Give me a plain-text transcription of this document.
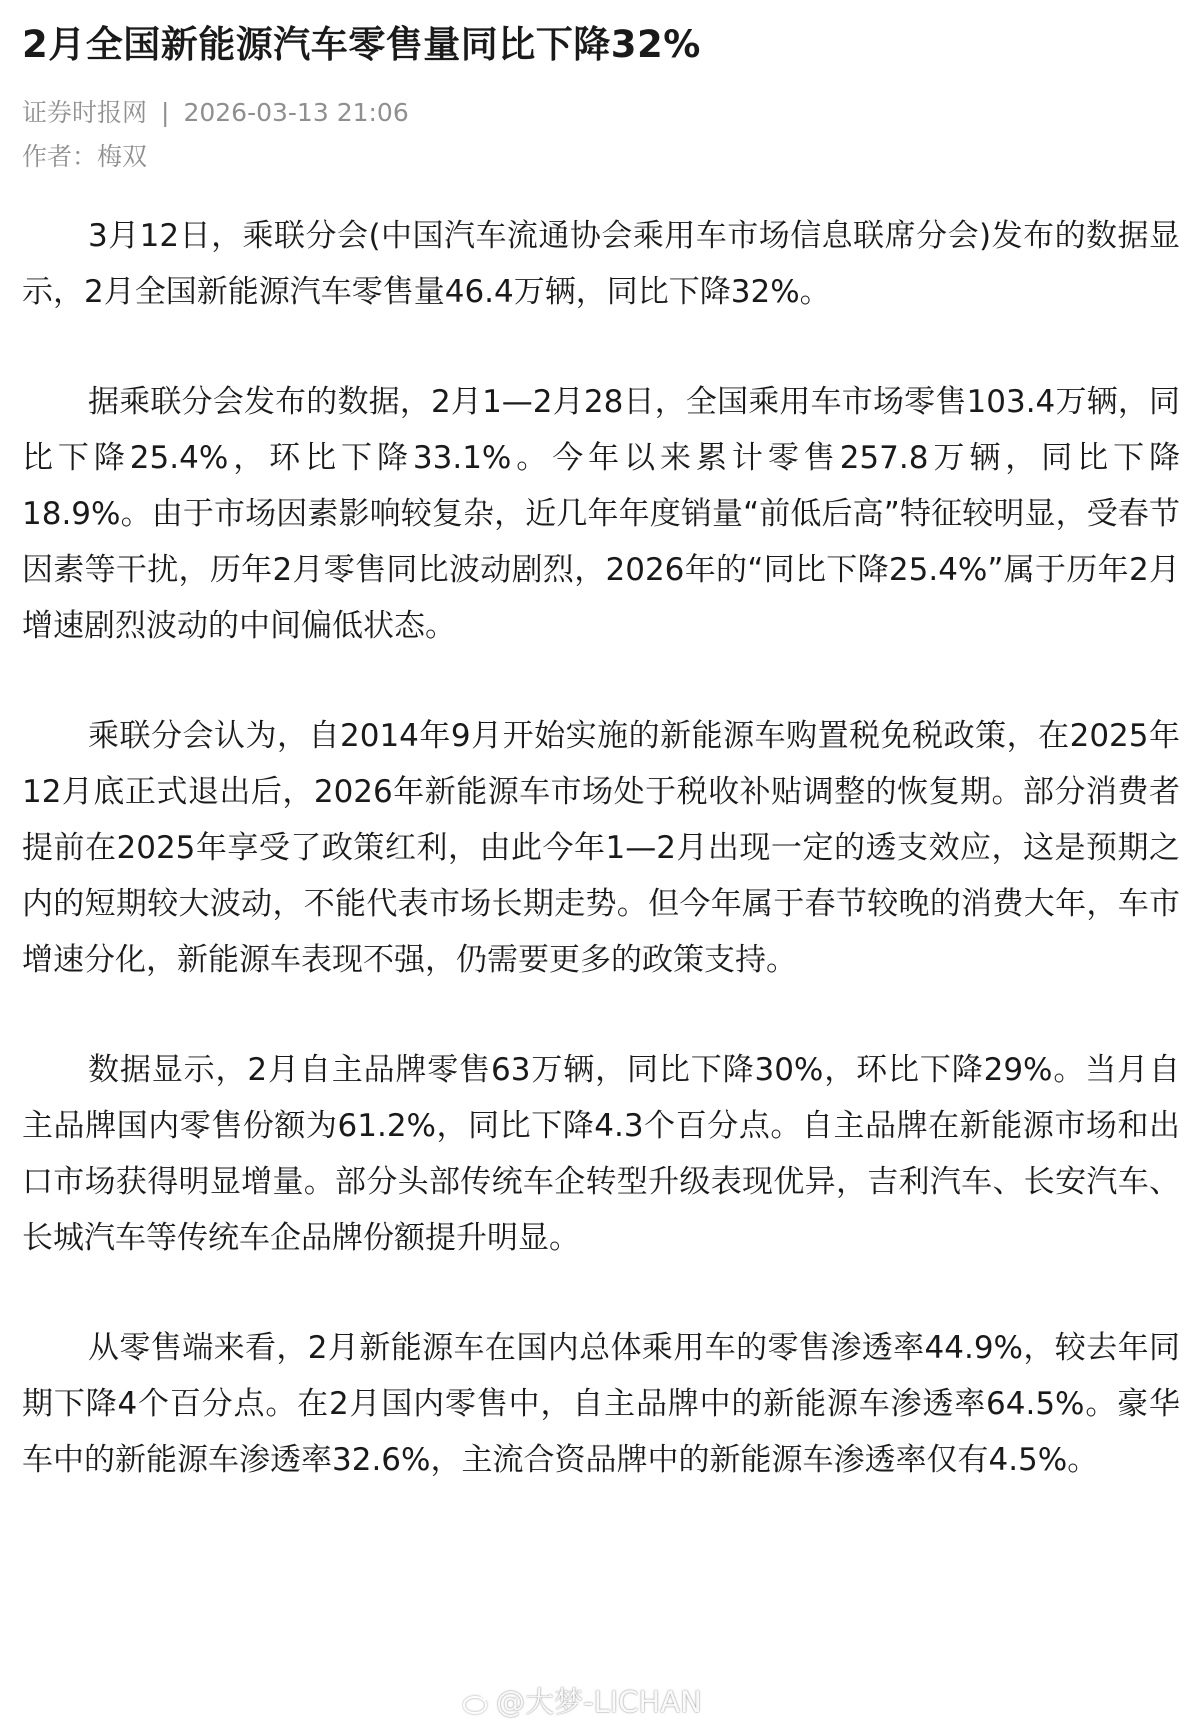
2月全国新能源汽车零售量同比下降32%
证券时报网 | 2026-03-13 21:06
作者：梅双

3月12日，乘联分会(中国汽车流通协会乘用车市场信息联席分会)发布的数据显示，2月全国新能源汽车零售量46.4万辆，同比下降32%。

据乘联分会发布的数据，2月1—2月28日，全国乘用车市场零售103.4万辆，同比下降25.4%，环比下降33.1%。今年以来累计零售257.8万辆，同比下降18.9%。由于市场因素影响较复杂，近几年年度销量“前低后高”特征较明显，受春节因素等干扰，历年2月零售同比波动剧烈，2026年的“同比下降25.4%”属于历年2月增速剧烈波动的中间偏低状态。

乘联分会认为，自2014年9月开始实施的新能源车购置税免税政策，在2025年12月底正式退出后，2026年新能源车市场处于税收补贴调整的恢复期。部分消费者提前在2025年享受了政策红利，由此今年1—2月出现一定的透支效应，这是预期之内的短期较大波动，不能代表市场长期走势。但今年属于春节较晚的消费大年，车市增速分化，新能源车表现不强，仍需要更多的政策支持。

数据显示，2月自主品牌零售63万辆，同比下降30%，环比下降29%。当月自主品牌国内零售份额为61.2%，同比下降4.3个百分点。自主品牌在新能源市场和出口市场获得明显增量。部分头部传统车企转型升级表现优异，吉利汽车、长安汽车、长城汽车等传统车企品牌份额提升明显。

从零售端来看，2月新能源车在国内总体乘用车的零售渗透率44.9%，较去年同期下降4个百分点。在2月国内零售中，自主品牌中的新能源车渗透率64.5%。豪华车中的新能源车渗透率32.6%，主流合资品牌中的新能源车渗透率仅有4.5%。

@大梦-LICHAN
